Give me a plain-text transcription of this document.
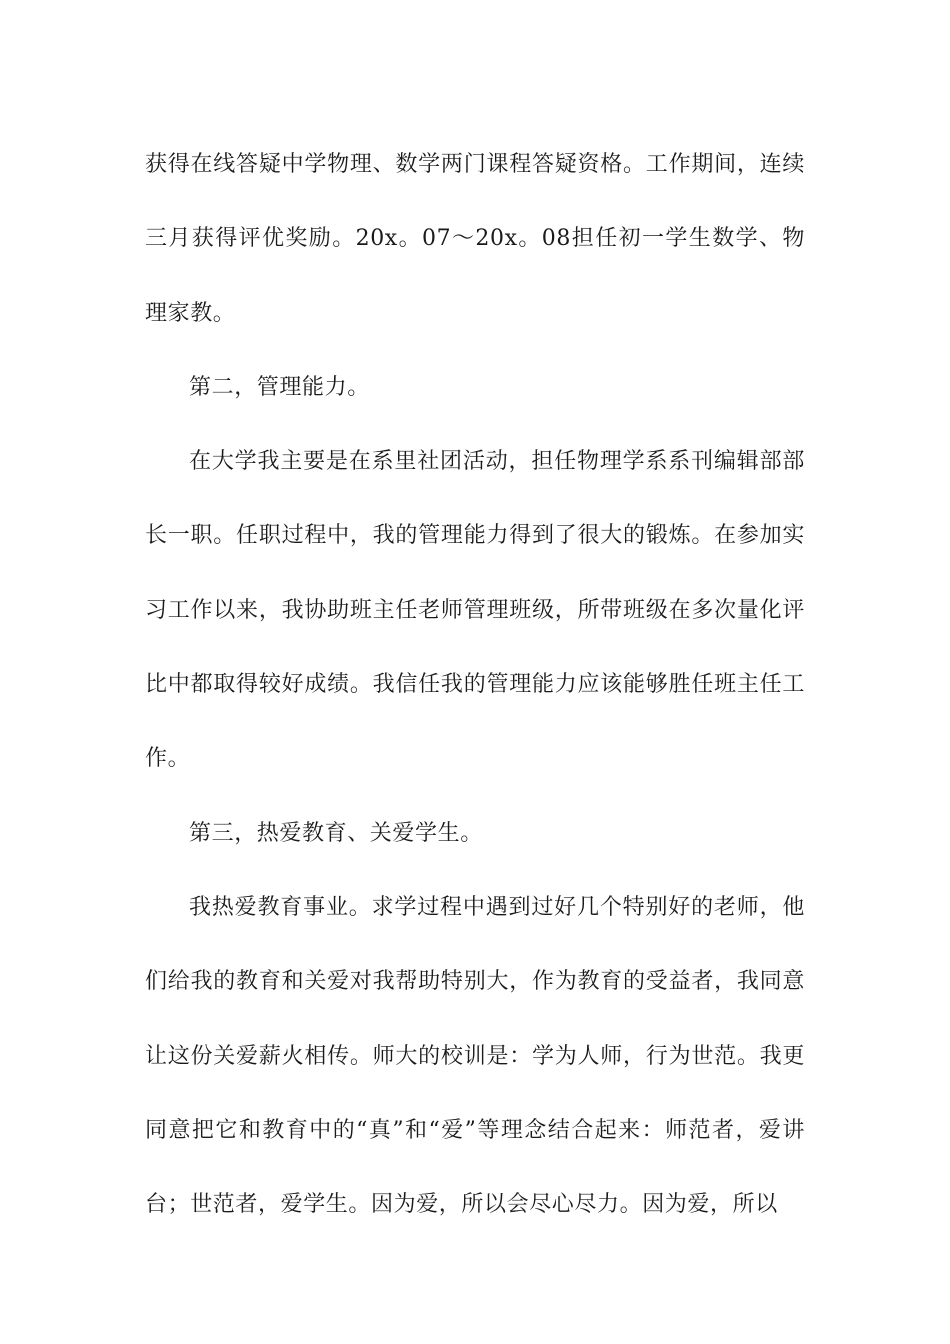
获得在线答疑中学物理、数学两门课程答疑资格。工作期间，连续三月获得评优奖励。20x。07～20x。08担任初一学生数学、物理家教。

第二，管理能力。

在大学我主要是在系里社团活动，担任物理学系系刊编辑部部长一职。任职过程中，我的管理能力得到了很大的锻炼。在参加实习工作以来，我协助班主任老师管理班级，所带班级在多次量化评比中都取得较好成绩。我信任我的管理能力应该能够胜任班主任工作。

第三，热爱教育、关爱学生。

我热爱教育事业。求学过程中遇到过好几个特别好的老师，他们给我的教育和关爱对我帮助特别大，作为教育的受益者，我同意让这份关爱薪火相传。师大的校训是：学为人师，行为世范。我更同意把它和教育中的“真”和“爱”等理念结合起来：师范者，爱讲台；世范者，爱学生。因为爱，所以会尽心尽力。因为爱，所以
